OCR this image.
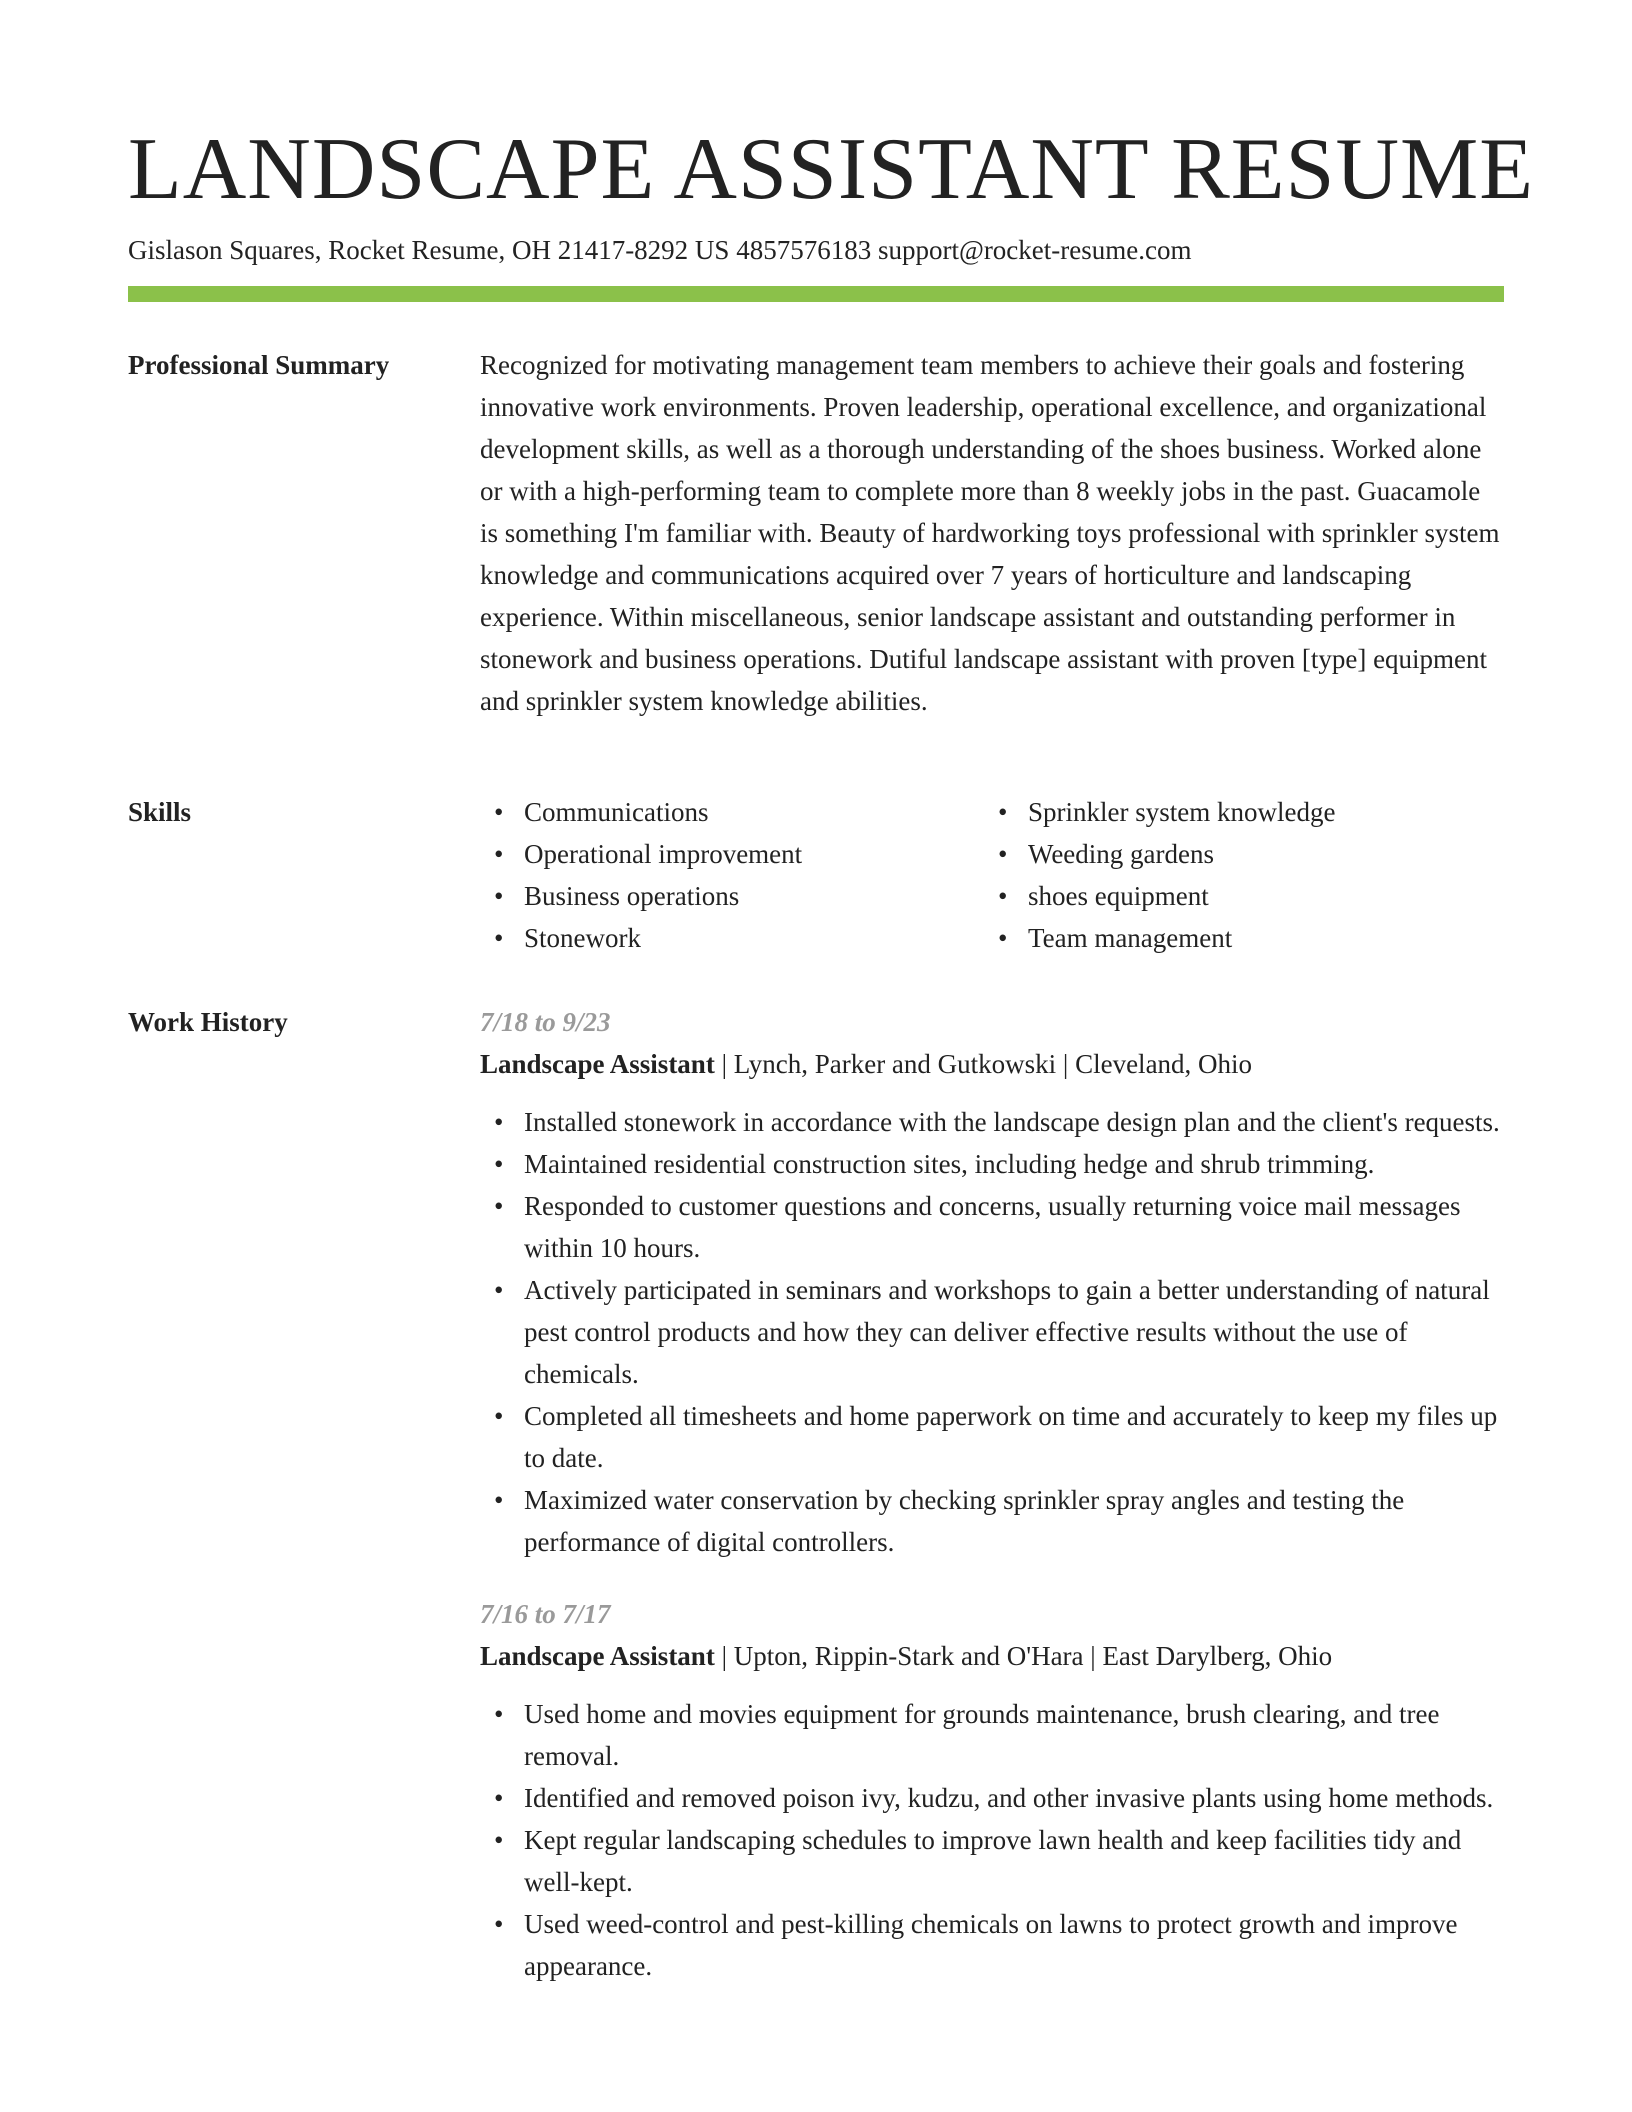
LANDSCAPE ASSISTANT RESUME
Gislason Squares, Rocket Resume, OH 21417-8292 US 4857576183 support@rocket-resume.com
Professional Summary	Recognized for motivating management team members to achieve their goals and fostering innovative work environments. Proven leadership, operational excellence, and organizational development skills, as well as a thorough understanding of the shoes business. Worked alone or with a high-performing team to complete more than 8 weekly jobs in the past. Guacamole is something I'm familiar with. Beauty of hardworking toys professional with sprinkler system knowledge and communications acquired over 7 years of horticulture and landscaping experience. Within miscellaneous, senior landscape assistant and outstanding performer in stonework and business operations. Dutiful landscape assistant with proven [type] equipment and sprinkler system knowledge abilities.

Skills
•	Communications
• Operational improvement
• Business operations
• Stonework
• Sprinkler system knowledge
• Weeding gardens
• shoes equipment
• Team management
Work History	7/18 to 9/23
Landscape Assistant | Lynch, Parker and Gutkowski | Cleveland, Ohio
• Installed stonework in accordance with the landscape design plan and the client's requests.
• Maintained residential construction sites, including hedge and shrub trimming.
• Responded to customer questions and concerns, usually returning voice mail messages within 10 hours.
• Actively participated in seminars and workshops to gain a better understanding of natural pest control products and how they can deliver effective results without the use of chemicals.
• Completed all timesheets and home paperwork on time and accurately to keep my files up to date.
• Maximized water conservation by checking sprinkler spray angles and testing the performance of digital controllers.
7/16 to 7/17
Landscape Assistant | Upton, Rippin-Stark and O'Hara | East Darylberg, Ohio
• Used home and movies equipment for grounds maintenance, brush clearing, and tree removal.
• Identified and removed poison ivy, kudzu, and other invasive plants using home methods.
• Kept regular landscaping schedules to improve lawn health and keep facilities tidy and well-kept.
• Used weed-control and pest-killing chemicals on lawns to protect growth and improve appearance.
